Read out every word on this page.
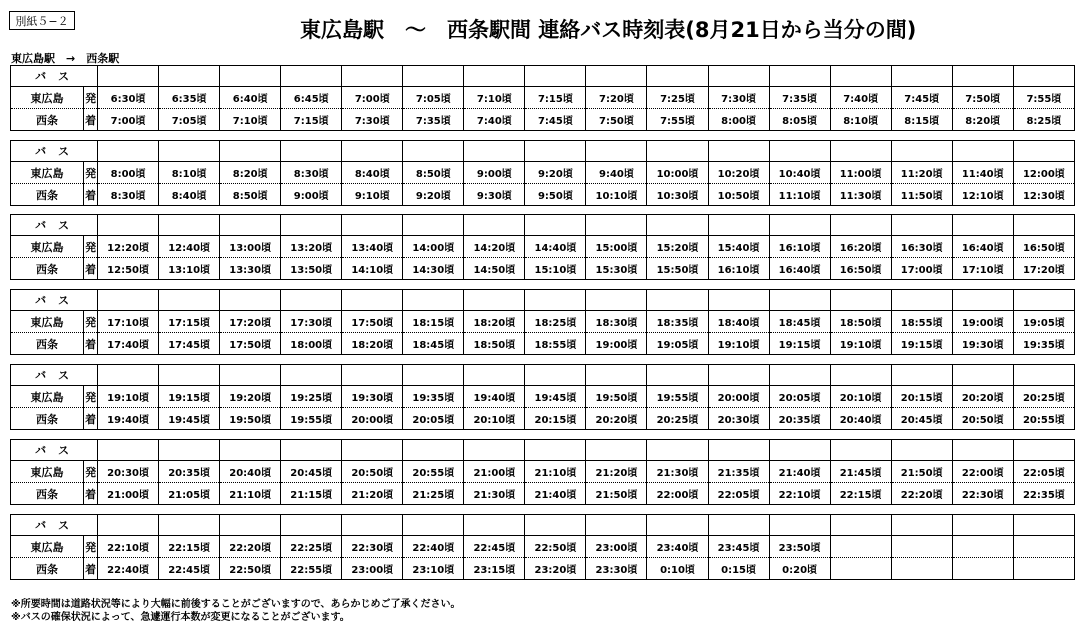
別紙５−２	東広島駅　～　西条駅間 連絡バス時刻表(8月21日から当分の間)
東広島駅　→　西条駅
バ ス																	
東広島	発	6:30頃	6:35頃	6:40頃	6:45頃	7:00頃	7:05頃	7:10頃	7:15頃	7:20頃	7:25頃	7:30頃	7:35頃	7:40頃	7:45頃	7:50頃	7:55頃
西条	着	7:00頃	7:05頃	7:10頃	7:15頃	7:30頃	7:35頃	7:40頃	7:45頃	7:50頃	7:55頃	8:00頃	8:05頃	8:10頃	8:15頃	8:20頃	8:25頃
バ ス																	
東広島	発	8:00頃	8:10頃	8:20頃	8:30頃	8:40頃	8:50頃	9:00頃	9:20頃	9:40頃	10:00頃	10:20頃	10:40頃	11:00頃	11:20頃	11:40頃	12:00頃
西条	着	8:30頃	8:40頃	8:50頃	9:00頃	9:10頃	9:20頃	9:30頃	9:50頃	10:10頃	10:30頃	10:50頃	11:10頃	11:30頃	11:50頃	12:10頃	12:30頃
バ ス																	
東広島	発	12:20頃	12:40頃	13:00頃	13:20頃	13:40頃	14:00頃	14:20頃	14:40頃	15:00頃	15:20頃	15:40頃	16:10頃	16:20頃	16:30頃	16:40頃	16:50頃
西条	着	12:50頃	13:10頃	13:30頃	13:50頃	14:10頃	14:30頃	14:50頃	15:10頃	15:30頃	15:50頃	16:10頃	16:40頃	16:50頃	17:00頃	17:10頃	17:20頃
バ ス																	
東広島	発	17:10頃	17:15頃	17:20頃	17:30頃	17:50頃	18:15頃	18:20頃	18:25頃	18:30頃	18:35頃	18:40頃	18:45頃	18:50頃	18:55頃	19:00頃	19:05頃
西条	着	17:40頃	17:45頃	17:50頃	18:00頃	18:20頃	18:45頃	18:50頃	18:55頃	19:00頃	19:05頃	19:10頃	19:15頃	19:10頃	19:15頃	19:30頃	19:35頃
バ ス																	
東広島	発	19:10頃	19:15頃	19:20頃	19:25頃	19:30頃	19:35頃	19:40頃	19:45頃	19:50頃	19:55頃	20:00頃	20:05頃	20:10頃	20:15頃	20:20頃	20:25頃
西条	着	19:40頃	19:45頃	19:50頃	19:55頃	20:00頃	20:05頃	20:10頃	20:15頃	20:20頃	20:25頃	20:30頃	20:35頃	20:40頃	20:45頃	20:50頃	20:55頃
バ ス																	
東広島	発	20:30頃	20:35頃	20:40頃	20:45頃	20:50頃	20:55頃	21:00頃	21:10頃	21:20頃	21:30頃	21:35頃	21:40頃	21:45頃	21:50頃	22:00頃	22:05頃
西条	着	21:00頃	21:05頃	21:10頃	21:15頃	21:20頃	21:25頃	21:30頃	21:40頃	21:50頃	22:00頃	22:05頃	22:10頃	22:15頃	22:20頃	22:30頃	22:35頃
バ ス																	
東広島	発	22:10頃	22:15頃	22:20頃	22:25頃	22:30頃	22:40頃	22:45頃	22:50頃	23:00頃	23:40頃	23:45頃	23:50頃				
西条	着	22:40頃	22:45頃	22:50頃	22:55頃	23:00頃	23:10頃	23:15頃	23:20頃	23:30頃	0:10頃	0:15頃	0:20頃				
※所要時間は道路状況等により大幅に前後することがございますので、あらかじめご了承ください。
※バスの確保状況によって、急遽運行本数が変更になることがございます。
